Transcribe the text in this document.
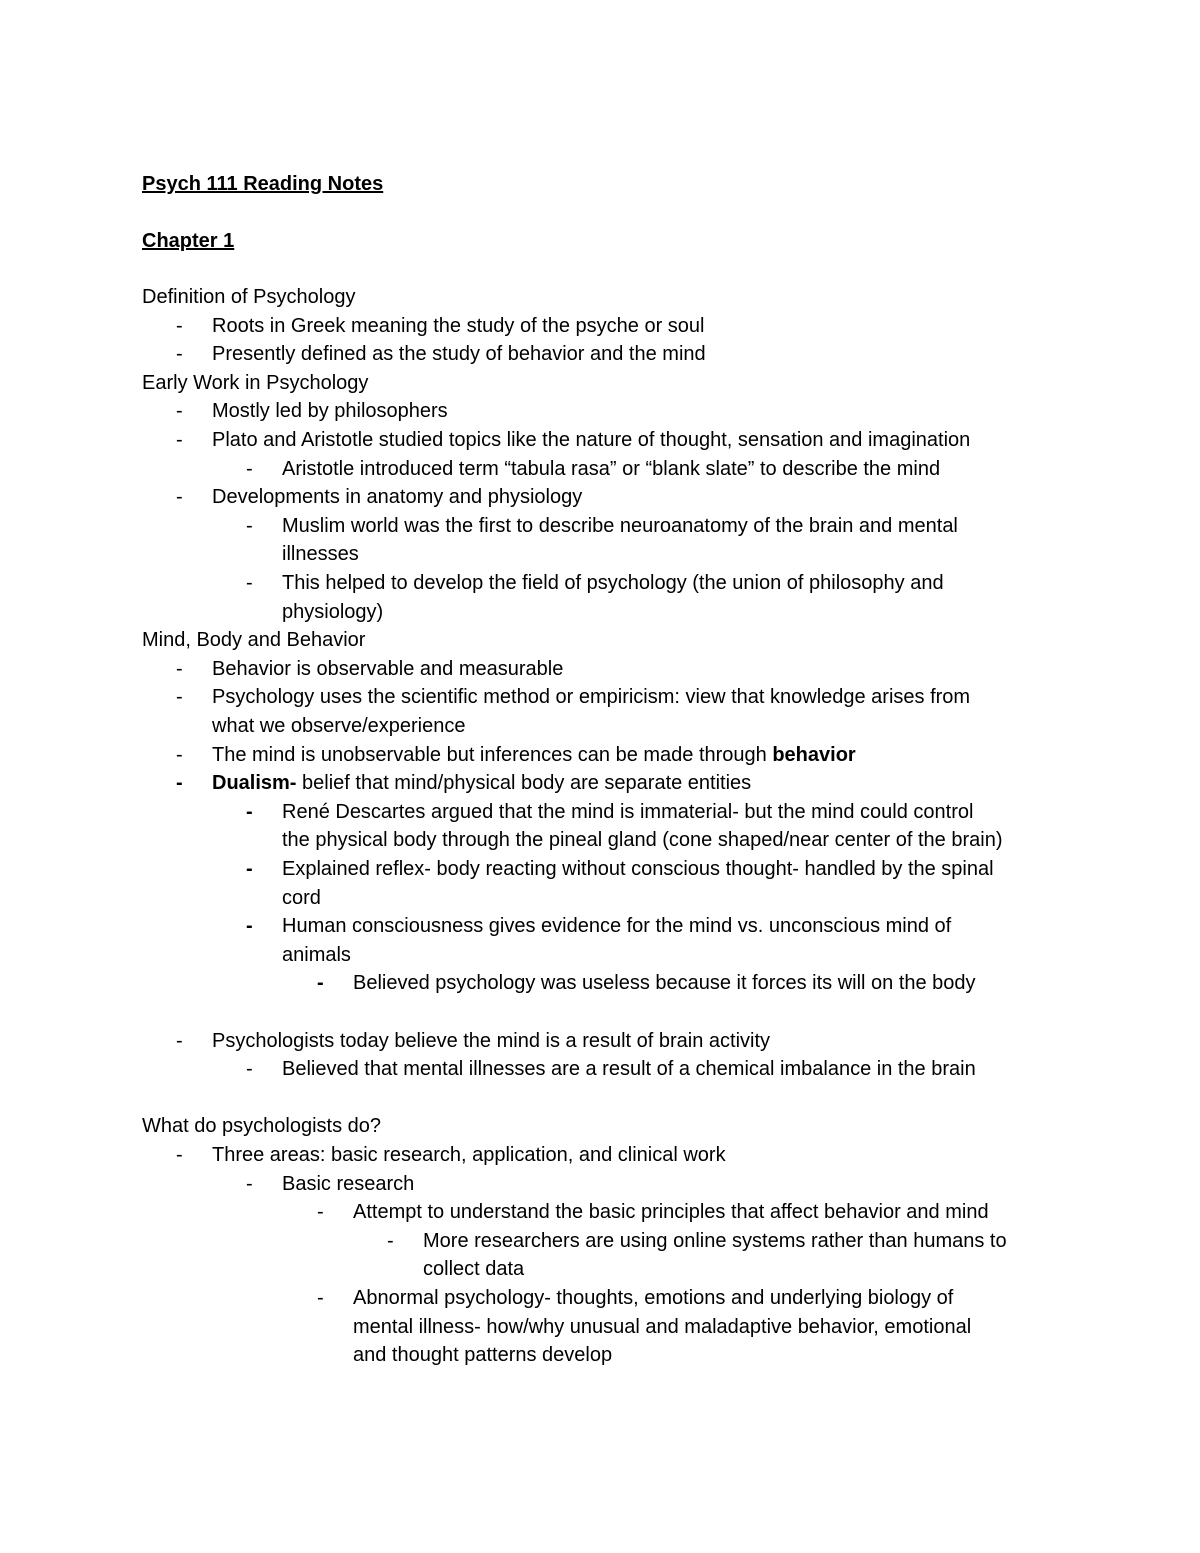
Psych 111 Reading Notes
Chapter 1
Definition of Psychology
- Roots in Greek meaning the study of the psyche or soul
- Presently defined as the study of behavior and the mind
Early Work in Psychology
- Mostly led by philosophers
- Plato and Aristotle studied topics like the nature of thought, sensation and imagination
- Aristotle introduced term “tabula rasa” or “blank slate” to describe the mind
- Developments in anatomy and physiology
- Muslim world was the first to describe neuroanatomy of the brain and mental
illnesses
- This helped to develop the field of psychology (the union of philosophy and
physiology)
Mind, Body and Behavior
- Behavior is observable and measurable
- Psychology uses the scientific method or empiricism: view that knowledge arises from
what we observe/experience
- The mind is unobservable but inferences can be made through behavior
- Dualism- belief that mind/physical body are separate entities
- René Descartes argued that the mind is immaterial- but the mind could control
the physical body through the pineal gland (cone shaped/near center of the brain)
- Explained reflex- body reacting without conscious thought- handled by the spinal
cord
- Human consciousness gives evidence for the mind vs. unconscious mind of
animals
- Believed psychology was useless because it forces its will on the body
- Psychologists today believe the mind is a result of brain activity
- Believed that mental illnesses are a result of a chemical imbalance in the brain
What do psychologists do?
- Three areas: basic research, application, and clinical work
- Basic research
- Attempt to understand the basic principles that affect behavior and mind
- More researchers are using online systems rather than humans to
collect data
- Abnormal psychology- thoughts, emotions and underlying biology of
mental illness- how/why unusual and maladaptive behavior, emotional
and thought patterns develop
